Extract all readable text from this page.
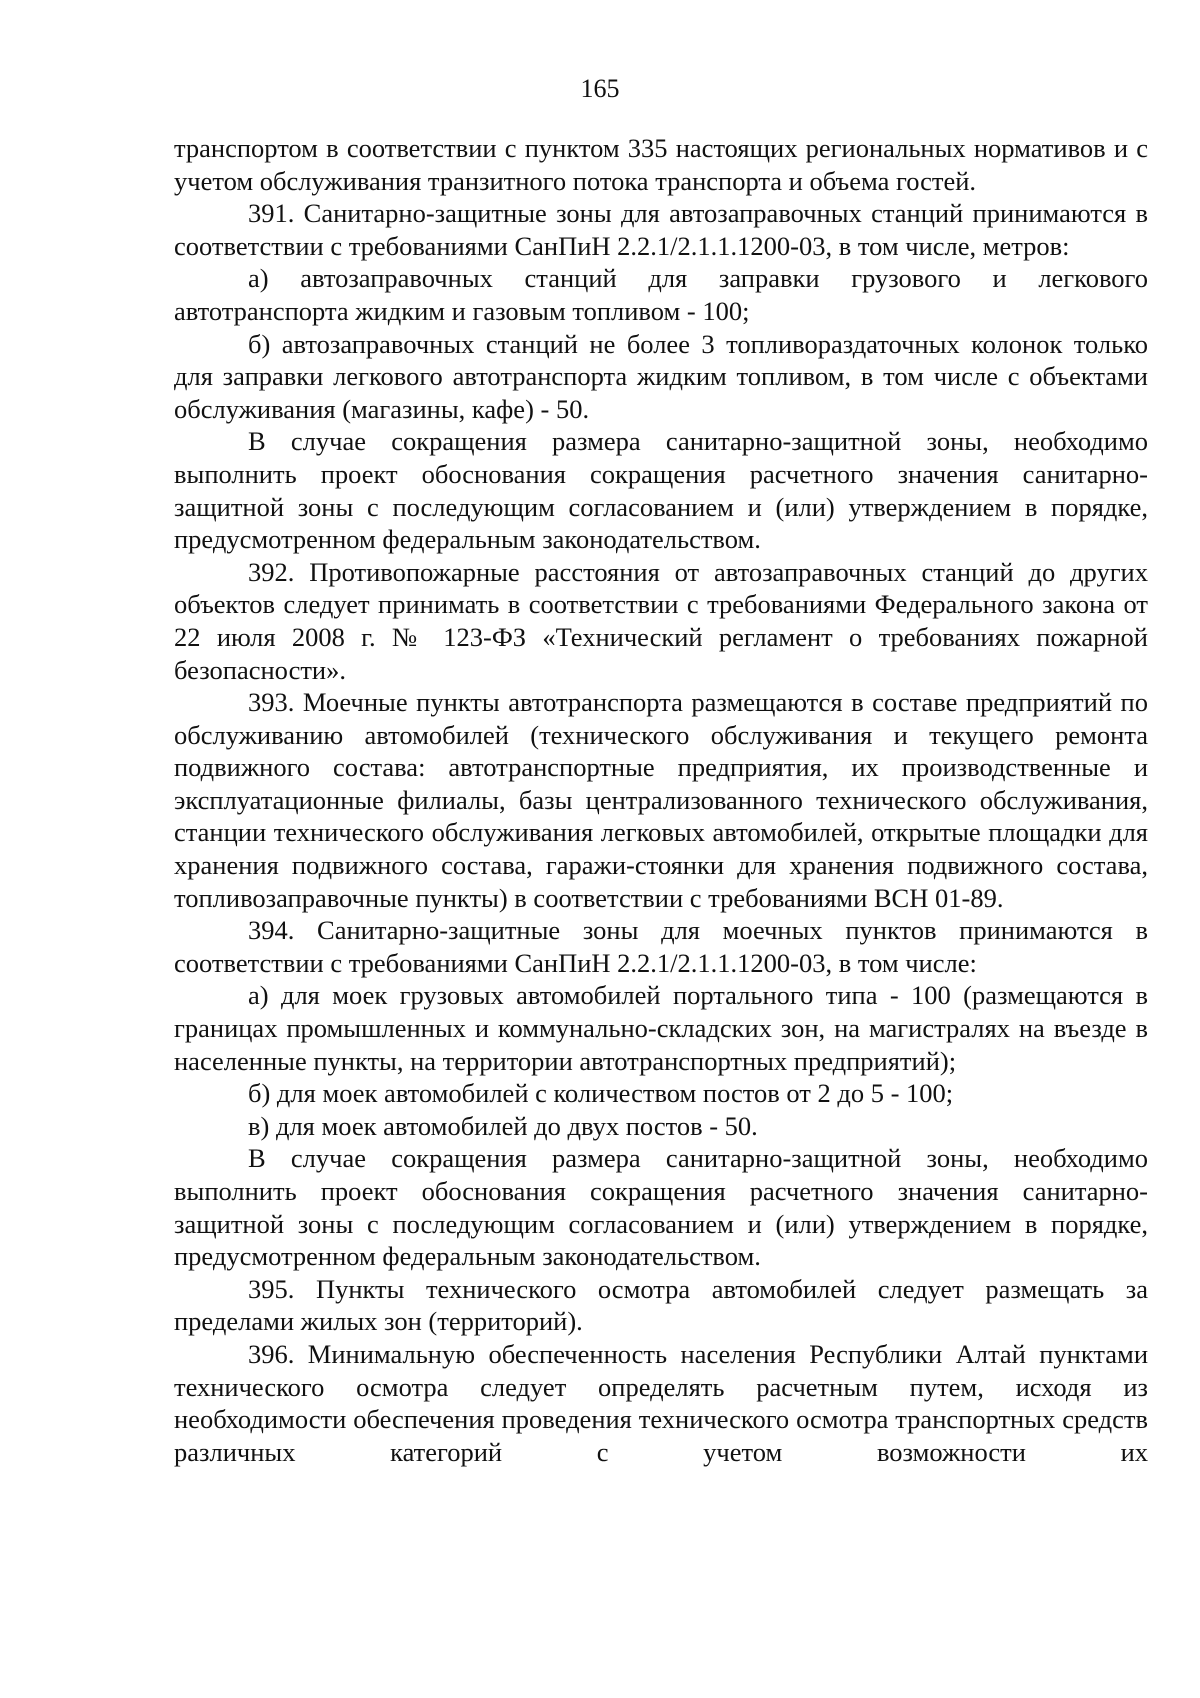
165

транспортом в соответствии с пунктом 335 настоящих региональных нормативов и с учетом обслуживания транзитного потока транспорта и объема гостей.

391. Санитарно-защитные зоны для автозаправочных станций принимаются в соответствии с требованиями СанПиН 2.2.1/2.1.1.1200-03, в том числе, метров:

а) автозаправочных станций для заправки грузового и легкового автотранспорта жидким и газовым топливом - 100;

б) автозаправочных станций не более 3 топливораздаточных колонок только для заправки легкового автотранспорта жидким топливом, в том числе с объектами обслуживания (магазины, кафе) - 50.

В случае сокращения размера санитарно-защитной зоны, необходимо выполнить проект обоснования сокращения расчетного значения санитарно-защитной зоны с последующим согласованием и (или) утверждением в порядке, предусмотренном федеральным законодательством.

392. Противопожарные расстояния от автозаправочных станций до других объектов следует принимать в соответствии с требованиями Федерального закона от 22 июля 2008 г. № 123-ФЗ «Технический регламент о требованиях пожарной безопасности».

393. Моечные пункты автотранспорта размещаются в составе предприятий по обслуживанию автомобилей (технического обслуживания и текущего ремонта подвижного состава: автотранспортные предприятия, их производственные и эксплуатационные филиалы, базы централизованного технического обслуживания, станции технического обслуживания легковых автомобилей, открытые площадки для хранения подвижного состава, гаражи-стоянки для хранения подвижного состава, топливозаправочные пункты) в соответствии с требованиями ВСН 01-89.

394. Санитарно-защитные зоны для моечных пунктов принимаются в соответствии с требованиями СанПиН 2.2.1/2.1.1.1200-03, в том числе:

а) для моек грузовых автомобилей портального типа - 100 (размещаются в границах промышленных и коммунально-складских зон, на магистралях на въезде в населенные пункты, на территории автотранспортных предприятий);

б) для моек автомобилей с количеством постов от 2 до 5 - 100;

в) для моек автомобилей до двух постов - 50.

В случае сокращения размера санитарно-защитной зоны, необходимо выполнить проект обоснования сокращения расчетного значения санитарно-защитной зоны с последующим согласованием и (или) утверждением в порядке, предусмотренном федеральным законодательством.

395. Пункты технического осмотра автомобилей следует размещать за пределами жилых зон (территорий).

396. Минимальную обеспеченность населения Республики Алтай пунктами технического осмотра следует определять расчетным путем, исходя из необходимости обеспечения проведения технического осмотра транспортных средств различных категорий с учетом возможности их
